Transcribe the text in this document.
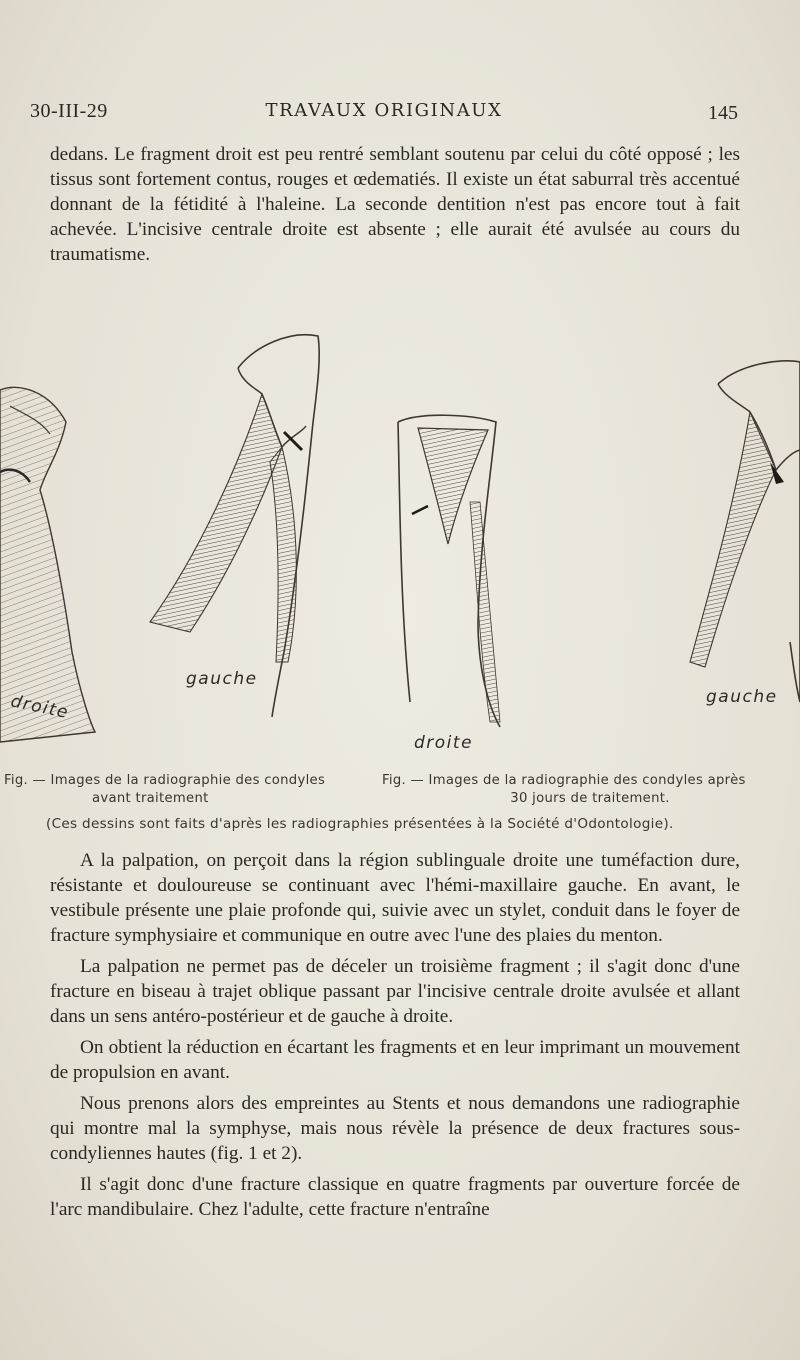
30-III-29	TRAVAUX ORIGINAUX	145

dedans. Le fragment droit est peu rentré semblant soutenu par celui du côté opposé ; les tissus sont fortement contus, rouges et œdematiés. Il existe un état saburral très accentué donnant de la fétidité à l'haleine. La seconde dentition n'est pas encore tout à fait achevée. L'incisive centrale droite est absente ; elle aurait été avulsée au cours du traumatisme.

droite
gauche
droite
gauche
Fig. — Images de la radiographie des condyles
avant traitement
Fig. — Images de la radiographie des condyles après
30 jours de traitement.
(Ces dessins sont faits d'après les radiographies présentées à la Société d'Odontologie).

A la palpation, on perçoit dans la région sublinguale droite une tuméfaction dure, résistante et douloureuse se continuant avec l'hémi-maxillaire gauche. En avant, le vestibule présente une plaie profonde qui, suivie avec un stylet, conduit dans le foyer de fracture symphysiaire et communique en outre avec l'une des plaies du menton.

La palpation ne permet pas de déceler un troisième fragment ; il s'agit donc d'une fracture en biseau à trajet oblique passant par l'incisive centrale droite avulsée et allant dans un sens antéro-postérieur et de gauche à droite.

On obtient la réduction en écartant les fragments et en leur imprimant un mouvement de propulsion en avant.

Nous prenons alors des empreintes au Stents et nous demandons une radiographie qui montre mal la symphyse, mais nous révèle la présence de deux fractures sous-condyliennes hautes (fig. 1 et 2).

Il s'agit donc d'une fracture classique en quatre fragments par ouverture forcée de l'arc mandibulaire. Chez l'adulte, cette fracture n'entraîne
